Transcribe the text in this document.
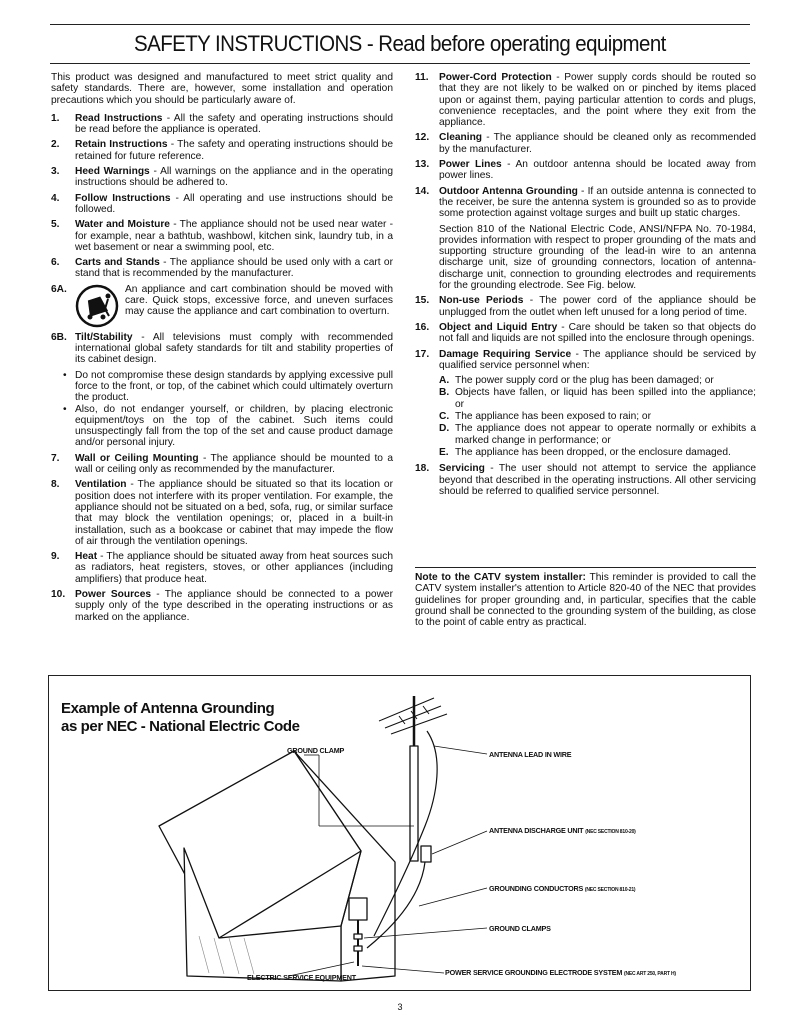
SAFETY INSTRUCTIONS - Read before operating equipment

This product was designed and manufactured to meet strict quality and safety standards. There are, however, some installation and operation precautions which you should be particularly aware of.

1.	Read Instructions - All the safety and operating instructions should be read before the appliance is operated.
2.	Retain Instructions - The safety and operating instructions should be retained for future reference.
3.	Heed Warnings - All warnings on the appliance and in the operating instructions should be adhered to.
4.	Follow Instructions - All operating and use instructions should be followed.
5.	Water and Moisture - The appliance should not be used near water - for example, near a bathtub, washbowl, kitchen sink, laundry tub, in a wet basement or near a swimming pool, etc.
6.	Carts and Stands - The appliance should be used only with a cart or stand that is recommended by the manufacturer.
6A.	An appliance and cart combination should be moved with care. Quick stops, excessive force, and uneven surfaces may cause the appliance and cart combination to overturn.
6B. Tilt/Stability - All televisions must comply with recommended international global safety standards for tilt and stability properties of its cabinet design.
• Do not compromise these design standards by applying excessive pull force to the front, or top, of the cabinet which could ultimately overturn the product.
• Also, do not endanger yourself, or children, by placing electronic equipment/toys on the top of the cabinet. Such items could unsuspectingly fall from the top of the set and cause product damage and/or personal injury.
7.	Wall or Ceiling Mounting - The appliance should be mounted to a wall or ceiling only as recommended by the manufacturer.
8.	Ventilation - The appliance should be situated so that its location or position does not interfere with its proper ventilation. For example, the appliance should not be situated on a bed, sofa, rug, or similar surface that may block the ventilation openings; or, placed in a built-in installation, such as a bookcase or cabinet that may impede the flow of air through the ventilation openings.
9.	Heat - The appliance should be situated away from heat sources such as radiators, heat registers, stoves, or other appliances (including amplifiers) that produce heat.
10. Power Sources - The appliance should be connected to a power supply only of the type described in the operating instructions or as marked on the appliance.
11.	Power-Cord Protection - Power supply cords should be routed so that they are not likely to be walked on or pinched by items placed upon or against them, paying particular attention to cords and plugs, convenience receptacles, and the point where they exit from the appliance.
12. Cleaning - The appliance should be cleaned only as recommended by the manufacturer.
13. Power Lines - An outdoor antenna should be located away from power lines.
14. Outdoor Antenna Grounding - If an outside antenna is connected to the receiver, be sure the antenna system is grounded so as to provide some protection against voltage surges and built up static charges.

Section 810 of the National Electric Code, ANSI/NFPA No. 70-1984, provides information with respect to proper grounding of the mats and supporting structure grounding of the lead-in wire to an antenna discharge unit, size of grounding connectors, location of antenna-discharge unit, connection to grounding electrodes and requirements for the grounding electrode. See Fig. below.

15. Non-use Periods - The power cord of the appliance should be unplugged from the outlet when left unused for a long period of time.
16. Object and Liquid Entry - Care should be taken so that objects do not fall and liquids are not spilled into the enclosure through openings.
17. Damage Requiring Service - The appliance should be serviced by qualified service personnel when:
A. The power supply cord or the plug has been damaged; or
B. Objects have fallen, or liquid has been spilled into the appliance; or
C. The appliance has been exposed to rain; or
D. The appliance does not appear to operate normally or exhibits a marked change in performance; or
E. The appliance has been dropped, or the enclosure damaged.
18. Servicing - The user should not attempt to service the appliance beyond that described in the operating instructions. All other servicing should be referred to qualified service personnel.
Note to the CATV system installer: This reminder is provided to call the CATV system installer's attention to Article 820-40 of the NEC that provides guidelines for proper grounding and, in particular, specifies that the cable ground shall be connected to the grounding system of the building, as close to the point of cable entry as practical.
Example of Antenna Grounding
as per NEC - National Electric Code
GROUND CLAMP	ANTENNA LEAD IN WIRE
ANTENNA DISCHARGE UNIT (NEC SECTION 810-20)
GROUNDING CONDUCTORS (NEC SECTION 810-21)
GROUND CLAMPS
ELECTRIC SERVICE EQUIPMENT
POWER SERVICE GROUNDING ELECTRODE SYSTEM (NEC ART 250, PART H)
3
